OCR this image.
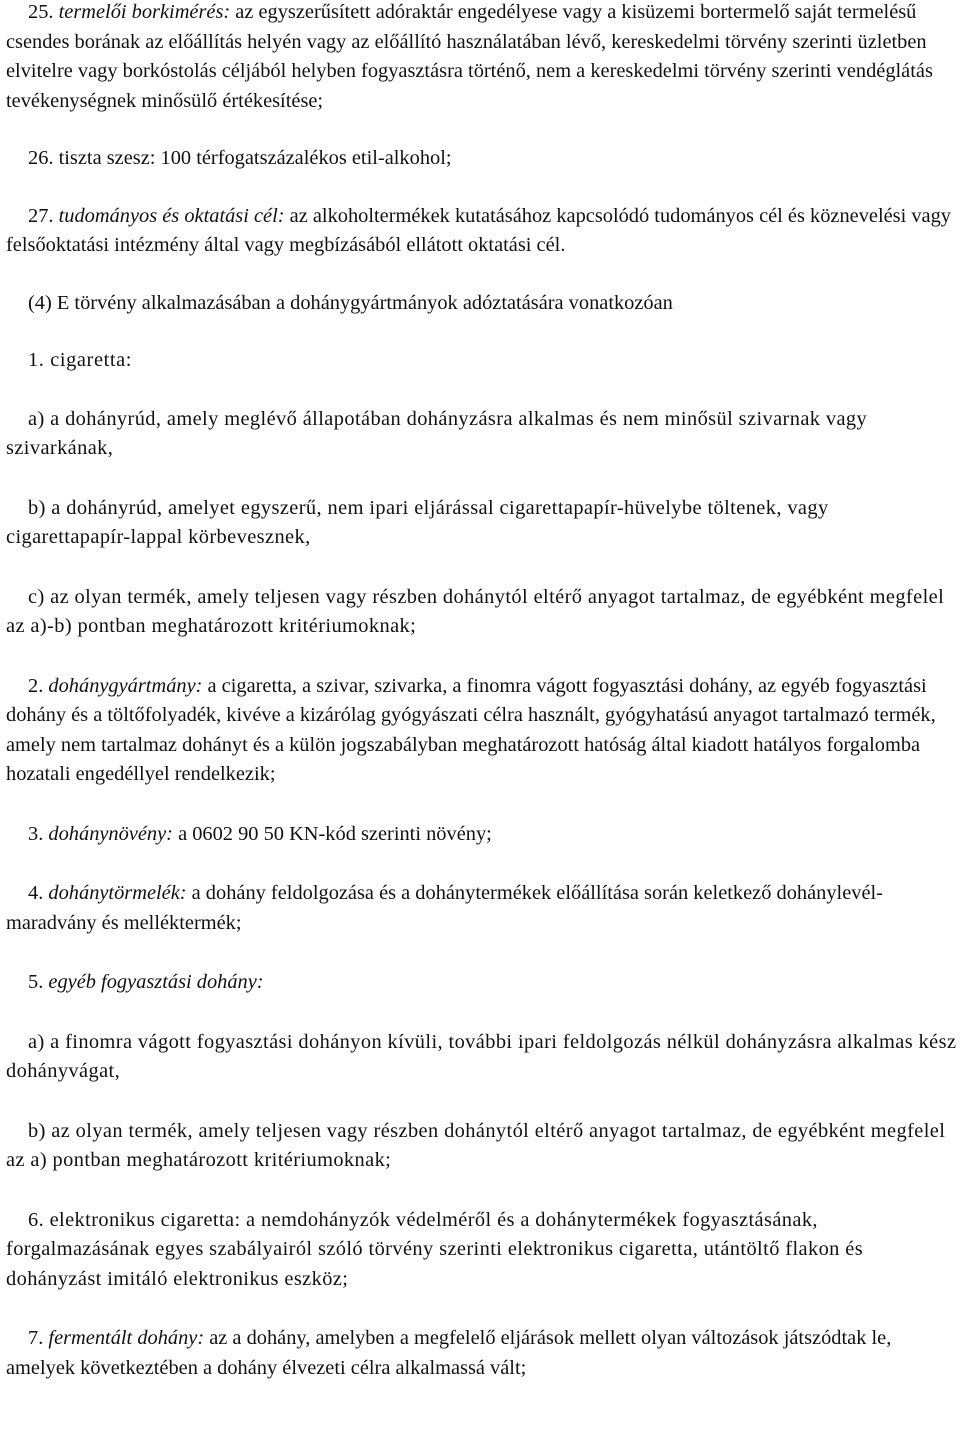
25. termelői borkimérés: az egyszerűsített adóraktár engedélyese vagy a kisüzemi bortermelő saját termelésű csendes borának az előállítás helyén vagy az előállító használatában lévő, kereskedelmi törvény szerinti üzletben elvitelre vagy borkóstolás céljából helyben fogyasztásra történő, nem a kereskedelmi törvény szerinti vendéglátás tevékenységnek minősülő értékesítése;

26. tiszta szesz: 100 térfogatszázalékos etil-alkohol;

27. tudományos és oktatási cél: az alkoholtermékek kutatásához kapcsolódó tudományos cél és köznevelési vagy felsőoktatási intézmény által vagy megbízásából ellátott oktatási cél.

(4) E törvény alkalmazásában a dohánygyártmányok adóztatására vonatkozóan

1. cigaretta:

a) a dohányrúd, amely meglévő állapotában dohányzásra alkalmas és nem minősül szivarnak vagy szivarkának,

b) a dohányrúd, amelyet egyszerű, nem ipari eljárással cigarettapapír-hüvelybe töltenek, vagy cigarettapapír-lappal körbevesznek,

c) az olyan termék, amely teljesen vagy részben dohánytól eltérő anyagot tartalmaz, de egyébként megfelel az a)-b) pontban meghatározott kritériumoknak;

2. dohánygyártmány: a cigaretta, a szivar, szivarka, a finomra vágott fogyasztási dohány, az egyéb fogyasztási dohány és a töltőfolyadék, kivéve a kizárólag gyógyászati célra használt, gyógyhatású anyagot tartalmazó termék, amely nem tartalmaz dohányt és a külön jogszabályban meghatározott hatóság által kiadott hatályos forgalomba hozatali engedéllyel rendelkezik;

3. dohánynövény: a 0602 90 50 KN-kód szerinti növény;

4. dohánytörmelék: a dohány feldolgozása és a dohánytermékek előállítása során keletkező dohánylevél-maradvány és melléktermék;

5. egyéb fogyasztási dohány:

a) a finomra vágott fogyasztási dohányon kívüli, további ipari feldolgozás nélkül dohányzásra alkalmas kész dohányvágat,

b) az olyan termék, amely teljesen vagy részben dohánytól eltérő anyagot tartalmaz, de egyébként megfelel az a) pontban meghatározott kritériumoknak;

6. elektronikus cigaretta: a nemdohányzók védelméről és a dohánytermékek fogyasztásának, forgalmazásának egyes szabályairól szóló törvény szerinti elektronikus cigaretta, utántöltő flakon és dohányzást imitáló elektronikus eszköz;

7. fermentált dohány: az a dohány, amelyben a megfelelő eljárások mellett olyan változások játszódtak le, amelyek következtében a dohány élvezeti célra alkalmassá vált;
